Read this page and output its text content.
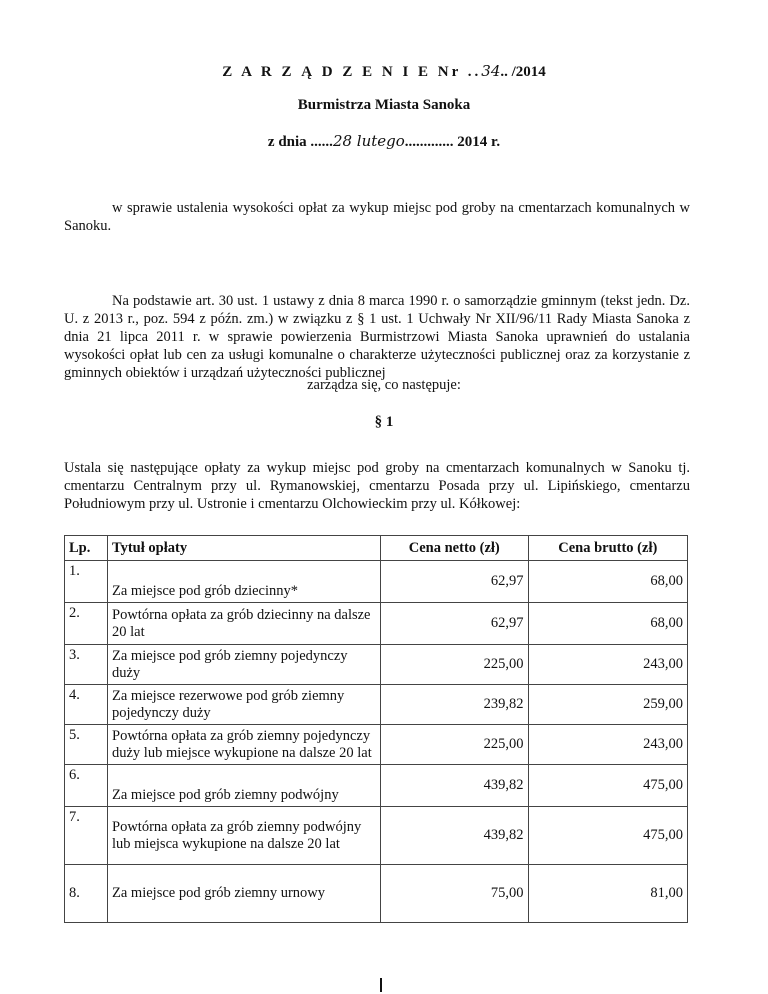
Z A R Z Ą D Z E N I E Nr ..34.. /2014
Burmistrza Miasta Sanoka
z dnia ......28 lutego............. 2014 r.
w sprawie ustalenia wysokości opłat za wykup miejsc pod groby na cmentarzach komunalnych w Sanoku.
Na podstawie art. 30 ust. 1 ustawy z dnia 8 marca 1990 r. o samorządzie gminnym (tekst jedn. Dz. U. z 2013 r., poz. 594 z późn. zm.) w związku z § 1 ust. 1 Uchwały Nr XII/96/11 Rady Miasta Sanoka z dnia 21 lipca 2011 r. w sprawie powierzenia Burmistrzowi Miasta Sanoka uprawnień do ustalania wysokości opłat lub cen za usługi komunalne o charakterze użyteczności publicznej oraz za korzystanie z gminnych obiektów i urządzań użyteczności publicznej
zarządza się, co następuje:
§ 1
Ustala się następujące opłaty za wykup miejsc pod groby na cmentarzach komunalnych w Sanoku tj. cmentarzu Centralnym przy ul. Rymanowskiej, cmentarzu Posada przy ul. Lipińskiego, cmentarzu Południowym przy ul. Ustronie i cmentarzu Olchowieckim przy ul. Kółkowej:
Lp.	Tytuł opłaty	Cena netto (zł)	Cena brutto (zł)
1.	Za miejsce pod grób dziecinny*	62,97	68,00
2.	Powtórna opłata za grób dziecinny na dalsze 20 lat	62,97	68,00
3.	Za miejsce pod grób ziemny pojedynczy duży	225,00	243,00
4.	Za miejsce rezerwowe pod grób ziemny pojedynczy duży	239,82	259,00
5.	Powtórna opłata za grób ziemny pojedynczy duży lub miejsce wykupione na dalsze 20 lat	225,00	243,00
6.	Za miejsce pod grób ziemny podwójny	439,82	475,00
7.	Powtórna opłata za grób ziemny podwójny lub miejsca wykupione na dalsze 20 lat	439,82	475,00
8.	Za miejsce pod grób ziemny urnowy	75,00	81,00
